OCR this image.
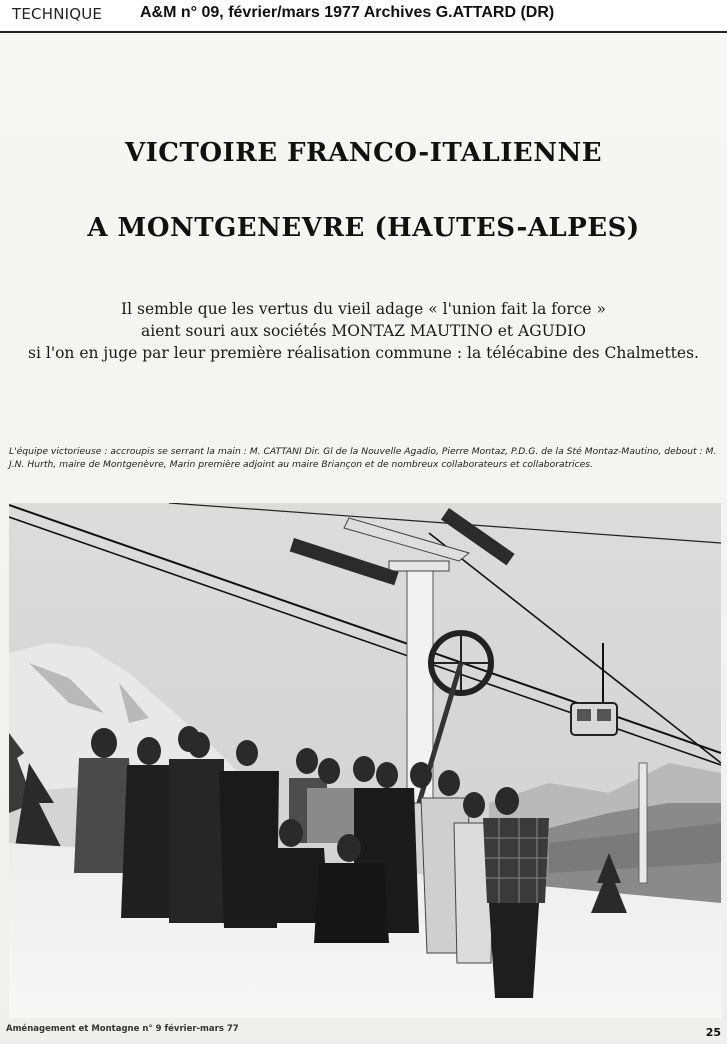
TECHNIQUE A&M n° 09, février/mars 1977 Archives G.ATTARD (DR)
VICTOIRE FRANCO-ITALIENNE
A MONTGENEVRE (HAUTES-ALPES)
Il semble que les vertus du vieil adage « l'union fait la force »
aient souri aux sociétés MONTAZ MAUTINO et AGUDIO
si l'on en juge par leur première réalisation commune : la télécabine des Chalmettes.
L'équipe victorieuse : accroupis se serrant la main : M. CATTANI Dir. Gl de la Nouvelle Agadio, Pierre Montaz, P.D.G. de la Sté Montaz-Mautino, debout : M. J.N. Hurth, maire de Montgenèvre, Marin première adjoint au maire Briançon et de nombreux collaborateurs et collaboratrices.
Aménagement et Montagne n° 9 février-mars 77	25
